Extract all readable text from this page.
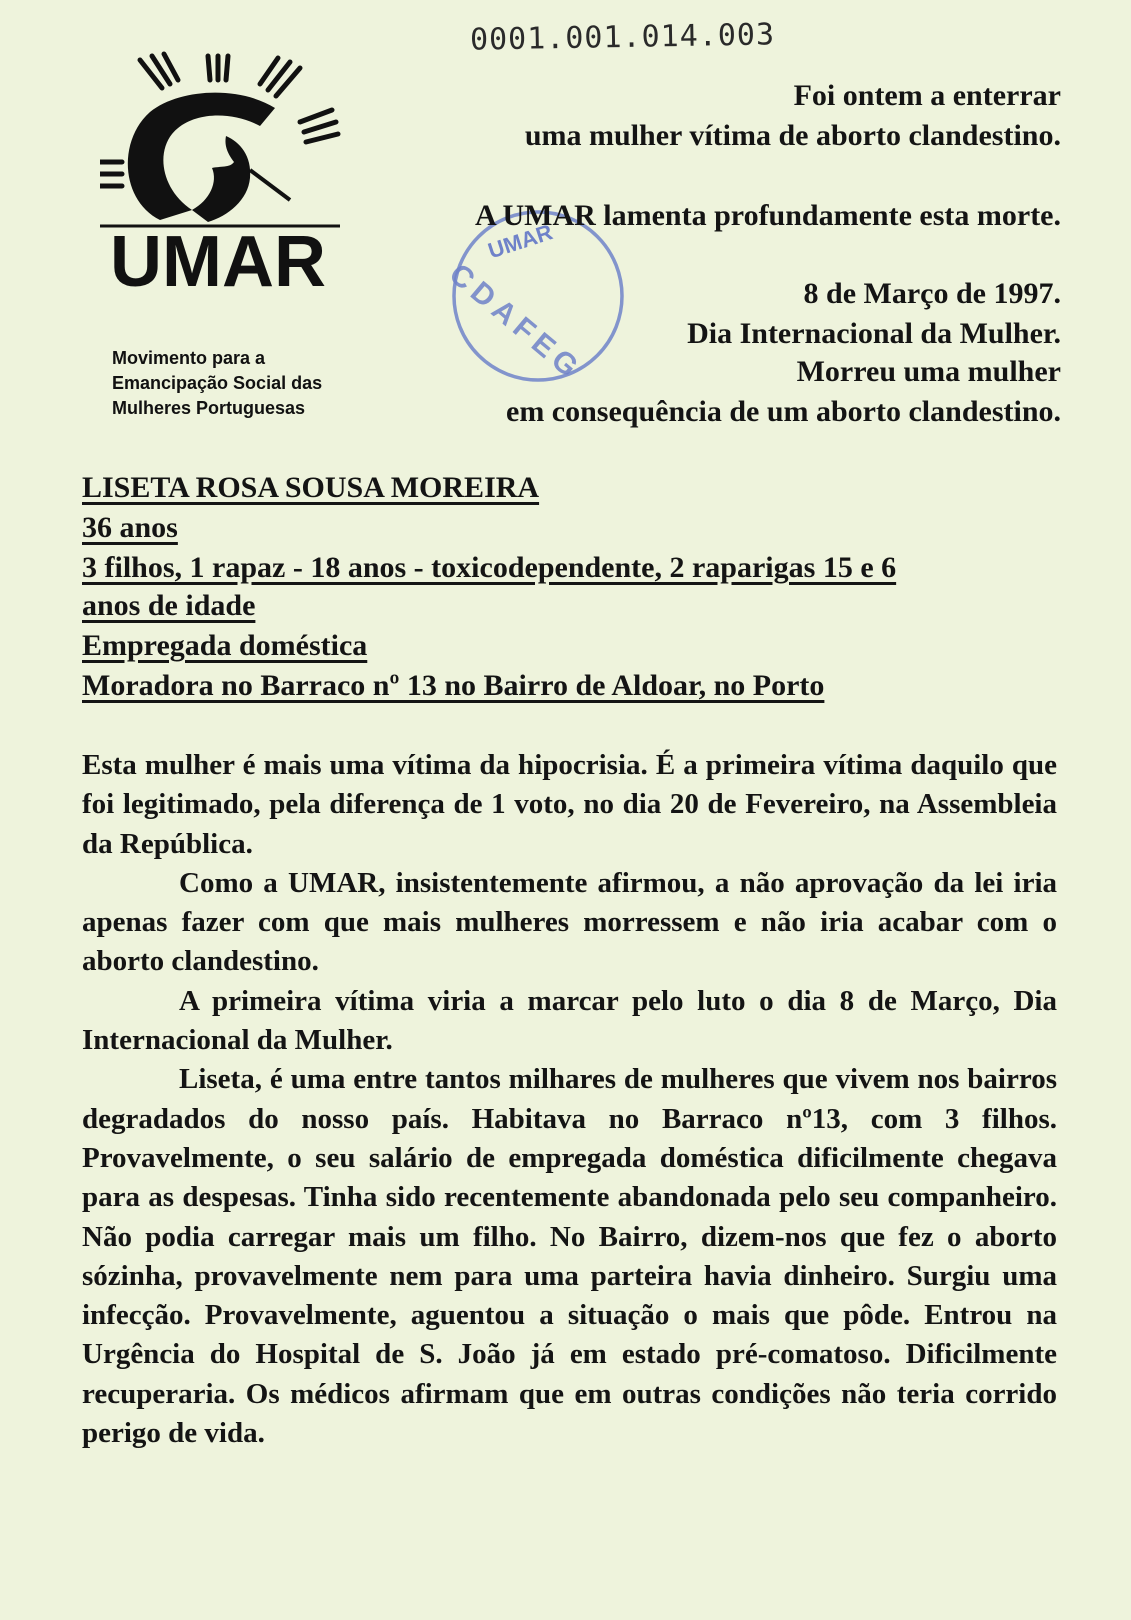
0001.001.014.003
UMAR
Movimento para a
Emancipação Social das
Mulheres Portuguesas
UMAR
CDAFEG
Foi ontem a enterrar
uma mulher vítima de aborto clandestino.
A UMAR lamenta profundamente esta morte.
8 de Março de 1997.
Dia Internacional da Mulher.
Morreu uma mulher
em consequência de um aborto clandestino.
LISETA ROSA SOUSA MOREIRA
36 anos
3 filhos, 1 rapaz - 18 anos - toxicodependente, 2 raparigas 15 e 6
anos de idade
Empregada doméstica
Moradora no Barraco nº 13 no Bairro de Aldoar, no Porto

Esta mulher é mais uma vítima da hipocrisia. É a primeira vítima daquilo que foi legitimado, pela diferença de 1 voto, no dia 20 de Fevereiro, na Assembleia da República.

Como a UMAR, insistentemente afirmou, a não aprovação da lei iria apenas fazer com que mais mulheres morressem e não iria acabar com o aborto clandestino.

A primeira vítima viria a marcar pelo luto o dia 8 de Março, Dia Internacional da Mulher.

Liseta, é uma entre tantos milhares de mulheres que vivem nos bairros degradados do nosso país. Habitava no Barraco nº13, com 3 filhos. Provavelmente, o seu salário de empregada doméstica dificilmente chegava para as despesas. Tinha sido recentemente abandonada pelo seu companheiro. Não podia carregar mais um filho. No Bairro, dizem-nos que fez o aborto sózinha, provavelmente nem para uma parteira havia dinheiro. Surgiu uma infecção. Provavelmente, aguentou a situação o mais que pôde. Entrou na Urgência do Hospital de S. João já em estado pré-comatoso. Dificilmente recuperaria. Os médicos afirmam que em outras condições não teria corrido perigo de vida.
